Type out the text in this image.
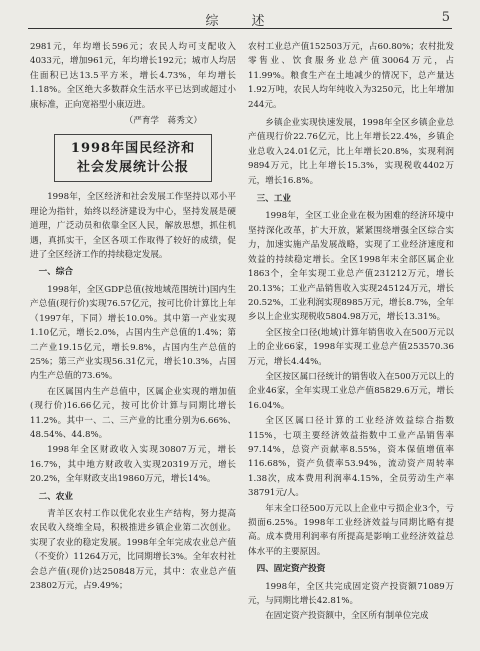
综　述	5

2981元，年均增长596元；农民人均可支配收入4033元，增加961元，年均增长192元；城市人均居住面积已达13.5平方米，增长4.73%，年均增长1.18%。全区绝大多数群众生活水平已达到或超过小康标准，正向宽裕型小康迈进。

（严育学　蒋秀文）
1998年国民经济和
社会发展统计公报

1998年，全区经济和社会发展工作坚持以邓小平理论为指针，始终以经济建设为中心，坚持发展是硬道理，广泛动员和依靠全区人民，解放思想，抓住机遇，真抓实干，全区各项工作取得了较好的成绩，促进了全区经济工作的持续稳定发展。

一、综合

1998年，全区GDP总值(按地域范围统计)国内生产总值(现行价)实现76.57亿元，按可比价计算比上年（1997年，下同）增长10.0%。其中第一产业实现1.10亿元，增长2.0%，占国内生产总值的1.4%；第二产业19.15亿元，增长9.8%，占国内生产总值的25%；第三产业实现56.31亿元，增长10.3%，占国内生产总值的73.6%。

在区属国内生产总值中，区属企业实现的增加值(现行价)16.66亿元，按可比价计算与同期比增长11.2%。其中一、二、三产业的比重分别为6.66%、48.54%、44.8%。

1998年全区财政收入实现30807万元，增长16.7%，其中地方财政收入实现20319万元，增长20.2%，全年财政支出19860万元，增长14%。

二、农业

青羊区农村工作以优化农业生产结构，努力提高农民收入绕维全局，积极推进乡镇企业第二次创业。实现了农业的稳定发展。1998年全年完成农业总产值（不变价）11264万元，比同期增长3%。全年农村社会总产值(现价)达250848万元，其中：农业总产值23802万元，占9.49%；

农村工业总产值152503万元，占60.80%；农村批发零售业、饮食服务业总产值30064万元，占11.99%。粮食生产在土地减少的情况下，总产量达1.92万吨，农民人均年纯收入为3250元，比上年增加244元。

乡镇企业实现快速发展，1998年全区乡镇企业总产值现行价22.76亿元，比上年增长22.4%，乡镇企业总收入24.01亿元，比上年增长20.8%，实现利润9894万元，比上年增长15.3%，实现税收4402万元，增长16.8%。

三、工业

1998年，全区工业企业在极为困难的经济环境中坚持深化改革，扩大开放，紧紧围绕增强全区综合实力，加速实施产品发展战略，实现了工业经济速度和效益的持续稳定增长。全区1998年末全部区属企业1863个，全年实现工业总产值231212万元，增长20.13%；工业产品销售收入实现245124万元，增长20.52%，工业利润实现8985万元，增长8.7%，全年乡以上企业实现税收5804.98万元，增长13.31%。

全区按全口径(地域)计算年销售收入在500万元以上的企业66家，1998年实现工业总产值253570.36万元，增长4.44%。

全区按区属口径统计的销售收入在500万元以上的企业46家，全年实现工业总产值85829.6万元，增长16.04%。

全区区属口径计算的工业经济效益综合指数115%，七项主要经济效益指数中工业产品销售率97.14%，总资产贡献率8.55%，资本保值增值率116.68%，资产负债率53.94%，流动资产周转率1.38次，成本费用利润率4.15%，全员劳动生产率38791元/人。

年末全口径500万元以上企业中亏损企业3个，亏损面6.25%。1998年工业经济效益与同期比略有提高。成本费用利润率有所提高是影响工业经济效益总体水平的主要原因。

四、固定资产投资

1998年，全区共完成固定资产投资额71089万元，与同期比增长42.81%。

在固定资产投资额中，全区所有制单位完成
